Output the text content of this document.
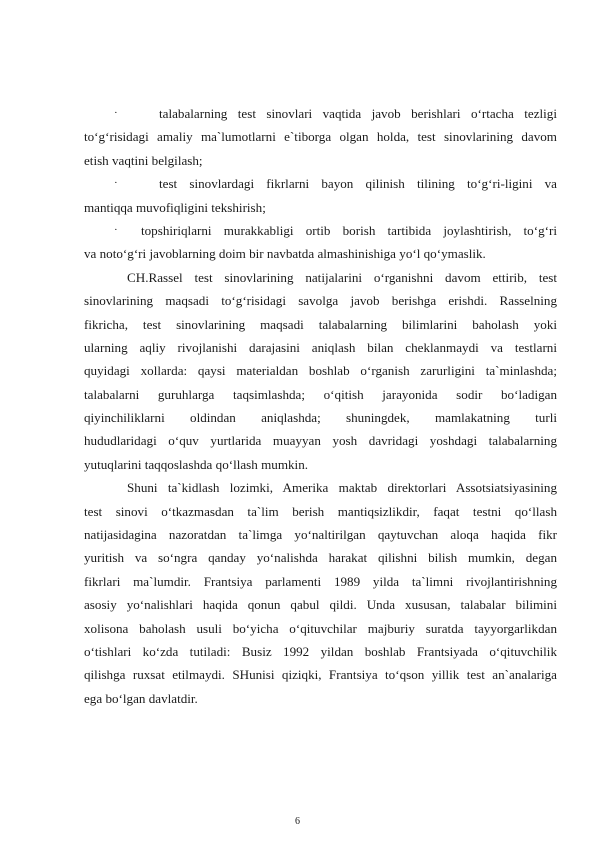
·	talabalarning test sinovlari vaqtida javob berishlari o‘rtacha tezligi
to‘g‘risidagi amaliy ma`lumotlarni e`tiborga olgan holda, test sinovlarining davom
etish vaqtini belgilash;
·	test sinovlardagi fikrlarni bayon qilinish tilining to‘g‘ri-ligini va
mantiqqa muvofiqligini tekshirish;
·	topshiriqlarni murakkabligi ortib borish tartibida joylashtirish, to‘g‘ri
va noto‘g‘ri javoblarning doim bir navbatda almashinishiga yo‘l qo‘ymaslik.
CH.Rassel test sinovlarining natijalarini o‘rganishni davom ettirib, test
sinovlarining maqsadi to‘g‘risidagi savolga javob berishga erishdi. Rasselning
fikricha, test sinovlarining maqsadi talabalarning bilimlarini baholash yoki
ularning aqliy rivojlanishi darajasini aniqlash bilan cheklanmaydi va testlarni
quyidagi xollarda: qaysi materialdan boshlab o‘rganish zarurligini ta`minlashda;
talabalarni guruhlarga taqsimlashda; o‘qitish jarayonida sodir bo‘ladigan
qiyinchiliklarni oldindan aniqlashda; shuningdek, mamlakatning turli
hududlaridagi o‘quv yurtlarida muayyan yosh davridagi yoshdagi talabalarning
yutuqlarini taqqoslashda qo‘llash mumkin.
Shuni ta`kidlash lozimki, Amerika maktab direktorlari Assotsiatsiyasining
test sinovi o‘tkazmasdan ta`lim berish mantiqsizlikdir, faqat testni qo‘llash
natijasidagina nazoratdan ta`limga yo‘naltirilgan qaytuvchan aloqa haqida fikr
yuritish va so‘ngra qanday yo‘nalishda harakat qilishni bilish mumkin, degan
fikrlari ma`lumdir. Frantsiya parlamenti 1989 yilda ta`limni rivojlantirishning
asosiy yo‘nalishlari haqida qonun qabul qildi. Unda xususan, talabalar bilimini
xolisona baholash usuli bo‘yicha o‘qituvchilar majburiy suratda tayyorgarlikdan
o‘tishlari ko‘zda tutiladi: Busiz 1992 yildan boshlab Frantsiyada o‘qituvchilik
qilishga ruxsat etilmaydi. SHunisi qiziqki, Frantsiya to‘qson yillik test an`analariga
ega bo‘lgan davlatdir.
6
